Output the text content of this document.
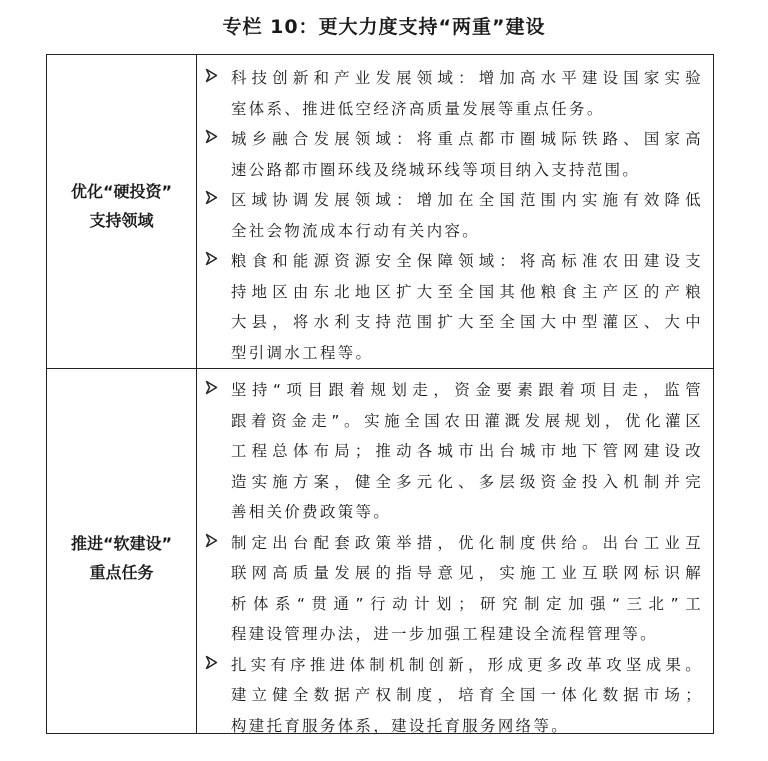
专栏 10：更大力度支持“两重”建设
优化“硬投资”
支持领域
推进“软建设”
重点任务
科技创新和产业发展领域：增加高水平建设国家实验
室体系、推进低空经济高质量发展等重点任务。
城乡融合发展领域：将重点都市圈城际铁路、国家高
速公路都市圈环线及绕城环线等项目纳入支持范围。
区域协调发展领域：增加在全国范围内实施有效降低
全社会物流成本行动有关内容。
粮食和能源资源安全保障领域：将高标准农田建设支
持地区由东北地区扩大至全国其他粮食主产区的产粮
大县，将水利支持范围扩大至全国大中型灌区、大中
型引调水工程等。
坚持“项目跟着规划走，资金要素跟着项目走，监管
跟着资金走”。实施全国农田灌溉发展规划，优化灌区
工程总体布局；推动各城市出台城市地下管网建设改
造实施方案，健全多元化、多层级资金投入机制并完
善相关价费政策等。
制定出台配套政策举措，优化制度供给。出台工业互
联网高质量发展的指导意见，实施工业互联网标识解
析体系“贯通”行动计划；研究制定加强“三北”工
程建设管理办法，进一步加强工程建设全流程管理等。
扎实有序推进体制机制创新，形成更多改革攻坚成果。
建立健全数据产权制度，培育全国一体化数据市场；
构建托育服务体系，建设托育服务网络等。
